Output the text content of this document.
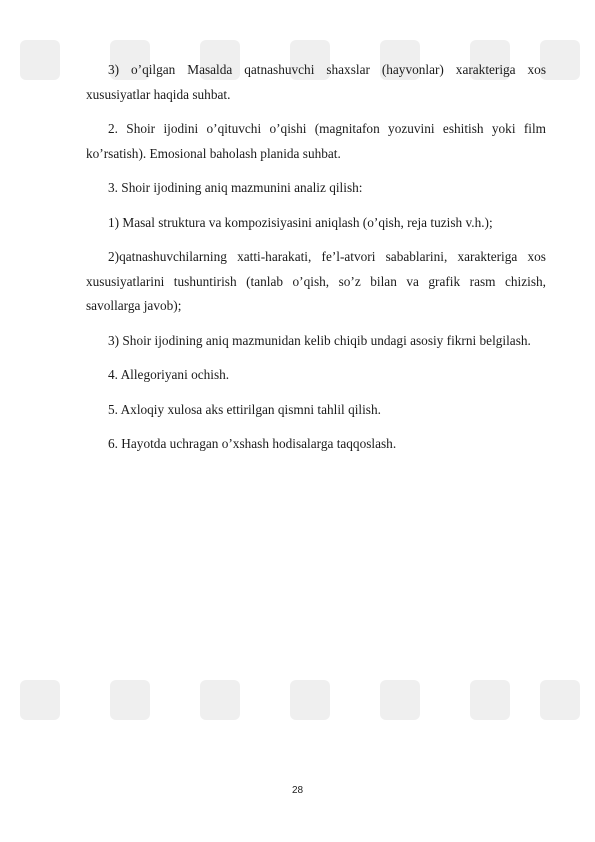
3) o’qilgan Masalda qatnashuvchi shaxslar (hayvonlar) xarakteriga xos xususiyatlar haqida suhbat.

2. Shoir ijodini o’qituvchi o’qishi (magnitafon yozuvini eshitish yoki film ko’rsatish). Emosional baholash planida suhbat.

3. Shoir ijodining aniq mazmunini analiz qilish:

1) Masal struktura va kompozisiyasini aniqlash (o’qish, reja tuzish v.h.);

2)qatnashuvchilarning xatti-harakati, fe’l-atvori sabablarini, xarakteriga xos xususiyatlarini tushuntirish (tanlab o’qish, so’z bilan va grafik rasm chizish, savollarga javob);

3) Shoir ijodining aniq mazmunidan kelib chiqib undagi asosiy fikrni belgilash.

4. Allegoriyani ochish.

5. Axloqiy xulosa aks ettirilgan qismni tahlil qilish.

6. Hayotda uchragan o’xshash hodisalarga taqqoslash.

28
